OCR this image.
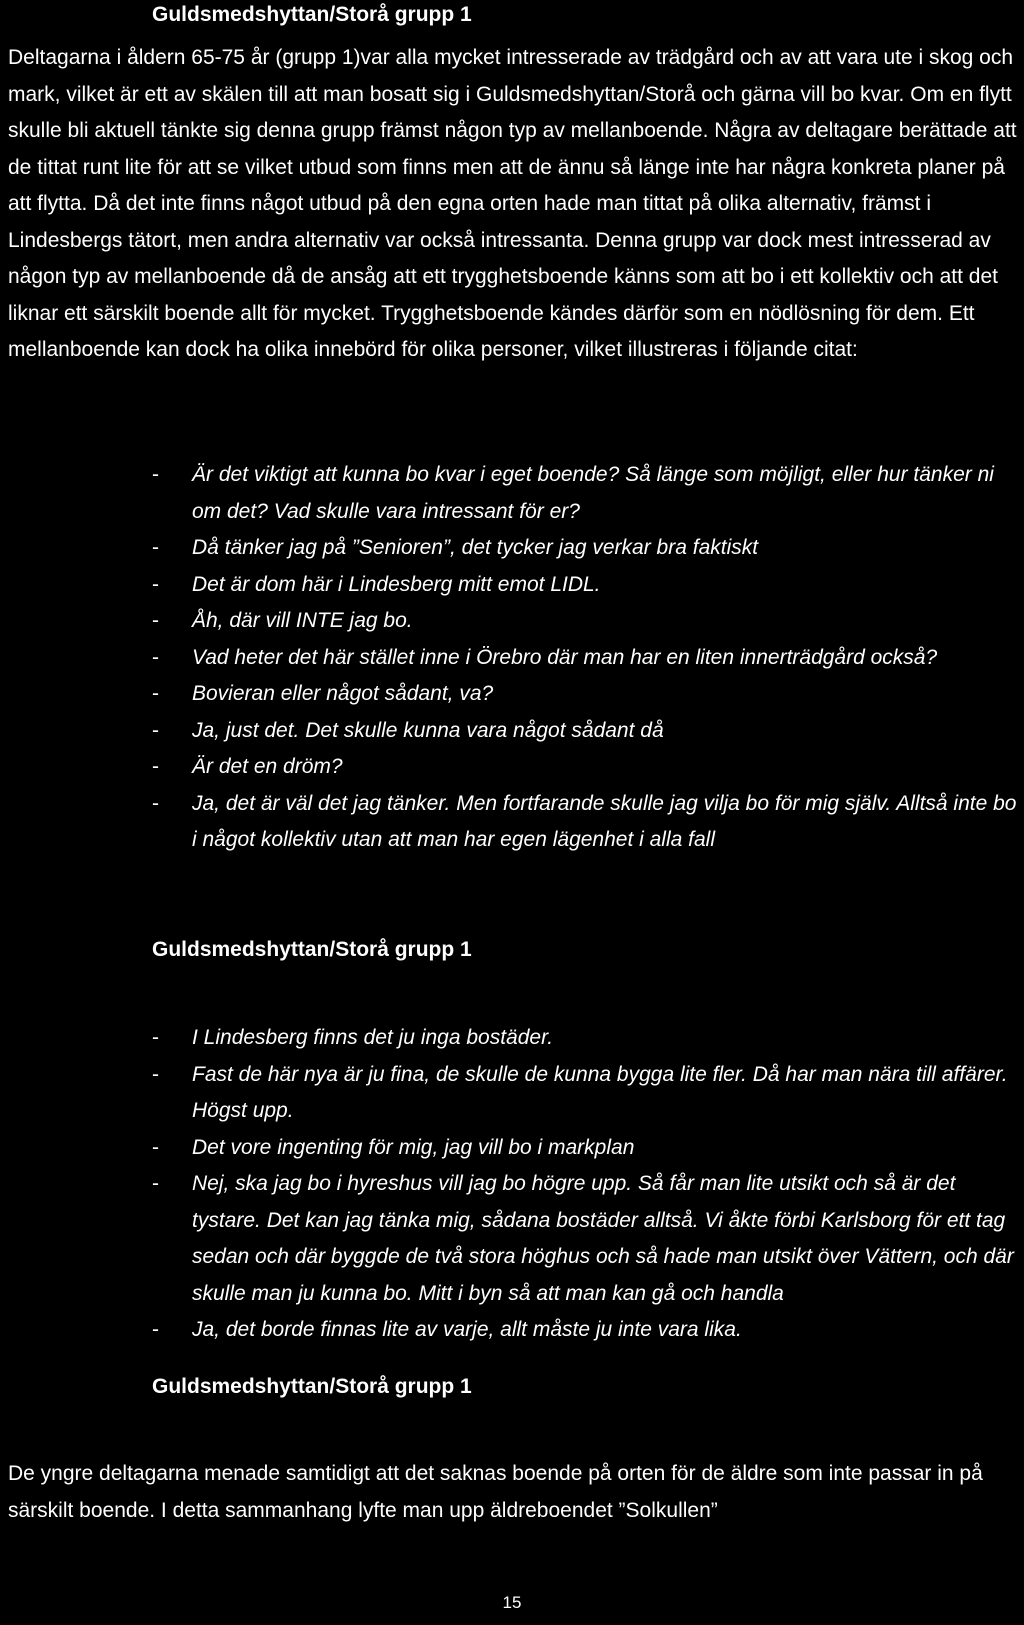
Guldsmedshyttan/Storå grupp 1

Deltagarna i åldern 65-75 år (grupp 1)var alla mycket intresserade av trädgård och av att vara ute i skog och mark, vilket är ett av skälen till att man bosatt sig i Guldsmedshyttan/Storå och gärna vill bo kvar. Om en flytt skulle bli aktuell tänkte sig denna grupp främst någon typ av mellanboende. Några av deltagare berättade att de tittat runt lite för att se vilket utbud som finns men att de ännu så länge inte har några konkreta planer på att flytta. Då det inte finns något utbud på den egna orten hade man tittat på olika alternativ, främst i Lindesbergs tätort, men andra alternativ var också intressanta. Denna grupp var dock mest intresserad av någon typ av mellanboende då de ansåg att ett trygghetsboende känns som att bo i ett kollektiv och att det liknar ett särskilt boende allt för mycket. Trygghetsboende kändes därför som en nödlösning för dem. Ett mellanboende kan dock ha olika innebörd för olika personer, vilket illustreras i följande citat:

- Är det viktigt att kunna bo kvar i eget boende? Så länge som möjligt, eller hur tänker ni om det? Vad skulle vara intressant för er?
- Då tänker jag på ”Senioren”, det tycker jag verkar bra faktiskt
- Det är dom här i Lindesberg mitt emot LIDL.
- Åh, där vill INTE jag bo.
- Vad heter det här stället inne i Örebro där man har en liten innerträdgård också?
- Bovieran eller något sådant, va?
- Ja, just det. Det skulle kunna vara något sådant då
- Är det en dröm?
- Ja, det är väl det jag tänker. Men fortfarande skulle jag vilja bo för mig själv. Alltså inte bo i något kollektiv utan att man har egen lägenhet i alla fall
Guldsmedshyttan/Storå grupp 1
- I Lindesberg finns det ju inga bostäder.
- Fast de här nya är ju fina, de skulle de kunna bygga lite fler. Då har man nära till affärer. Högst upp.
- Det vore ingenting för mig, jag vill bo i markplan
- Nej, ska jag bo i hyreshus vill jag bo högre upp. Så får man lite utsikt och så är det tystare. Det kan jag tänka mig, sådana bostäder alltså. Vi åkte förbi Karlsborg för ett tag sedan och där byggde de två stora höghus och så hade man utsikt över Vättern, och där skulle man ju kunna bo. Mitt i byn så att man kan gå och handla
- Ja, det borde finnas lite av varje, allt måste ju inte vara lika.
Guldsmedshyttan/Storå grupp 1

De yngre deltagarna menade samtidigt att det saknas boende på orten för de äldre som inte passar in på särskilt boende. I detta sammanhang lyfte man upp äldreboendet ”Solkullen”

15
